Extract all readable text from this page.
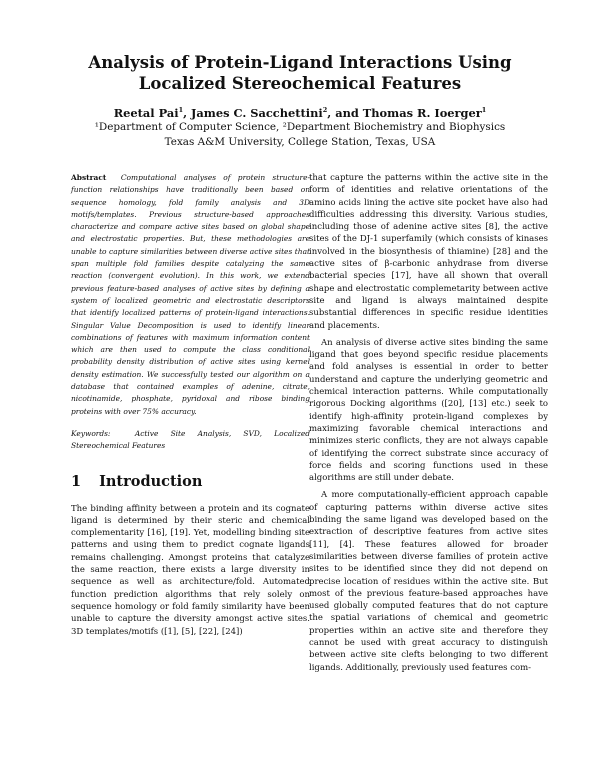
Analysis of Protein-Ligand Interactions Using
Localized Stereochemical Features
Reetal Pai$^1$, James C. Sacchettini$^2$, and Thomas R. Ioerger$^1$
¹Department of Computer Science, ²Department Biochemistry and Biophysics
Texas A&M University, College Station, Texas, USA

Abstract Computational analyses of protein structure-function relationships have traditionally been based on sequence homology, fold family analysis and 3D motifs/templates. Previous structure-based approaches characterize and compare active sites based on global shape and electrostatic properties. But, these methodologies are unable to capture similarities between diverse active sites that span multiple fold families despite catalyzing the same reaction (convergent evolution). In this work, we extend previous feature-based analyses of active sites by defining a system of localized geometric and electrostatic descriptors that identify localized patterns of protein-ligand interactions. Singular Value Decomposition is used to identify linear combinations of features with maximum information content which are then used to compute the class conditional probability density distribution of active sites using kernel density estimation. We successfully tested our algorithm on a database that contained examples of adenine, citrate, nicotinamide, phosphate, pyridoxal and ribose binding proteins with over 75% accuracy.

Keywords:	Active Site Analysis, SVD, Localized Stereochemical Features

1 Introduction

The binding affinity between a protein and its cognate ligand is determined by their steric and chemical complementarity [16], [19]. Yet, modelling binding site patterns and using them to predict cognate ligands remains challenging. Amongst proteins that catalyze the same reaction, there exists a large diversity in sequence as well as architecture/fold. Automated function prediction algorithms that rely solely on sequence homology or fold family similarity have been unable to capture the diversity amongst active sites. 3D templates/motifs ([1], [5], [22], [24])

that capture the patterns within the active site in the form of identities and relative orientations of the amino acids lining the active site pocket have also had difficulties addressing this diversity. Various studies, including those of adenine active sites [8], the active sites of the DJ-1 superfamily (which consists of kinases involved in the biosynthesis of thiamine) [28] and the active sites of β-carbonic anhydrase from diverse bacterial species [17], have all shown that overall shape and electrostatic complemetarity between active site and ligand is always maintained despite substantial differences in specific residue identities and placements.

An analysis of diverse active sites binding the same ligand that goes beyond specific residue placements and fold analyses is essential in order to better understand and capture the underlying geometric and chemical interaction patterns. While computationally rigorous Docking algorithms ([20], [13] etc.) seek to identify high-affinity protein-ligand complexes by maximizing favorable chemical interactions and minimizes steric conflicts, they are not always capable of identifying the correct substrate since accuracy of force fields and scoring functions used in these algorithms are still under debate.

A more computationally-efficient approach capable of capturing patterns within diverse active sites binding the same ligand was developed based on the extraction of descriptive features from active sites [11], [4]. These features allowed for broader similarities between diverse families of protein active sites to be identified since they did not depend on precise location of residues within the active site. But most of the previous feature-based approaches have used globally computed features that do not capture the spatial variations of chemical and geometric properties within an active site and therefore they cannot be used with great accuracy to distinguish between active site clefts belonging to two different ligands. Additionally, previously used features com-
